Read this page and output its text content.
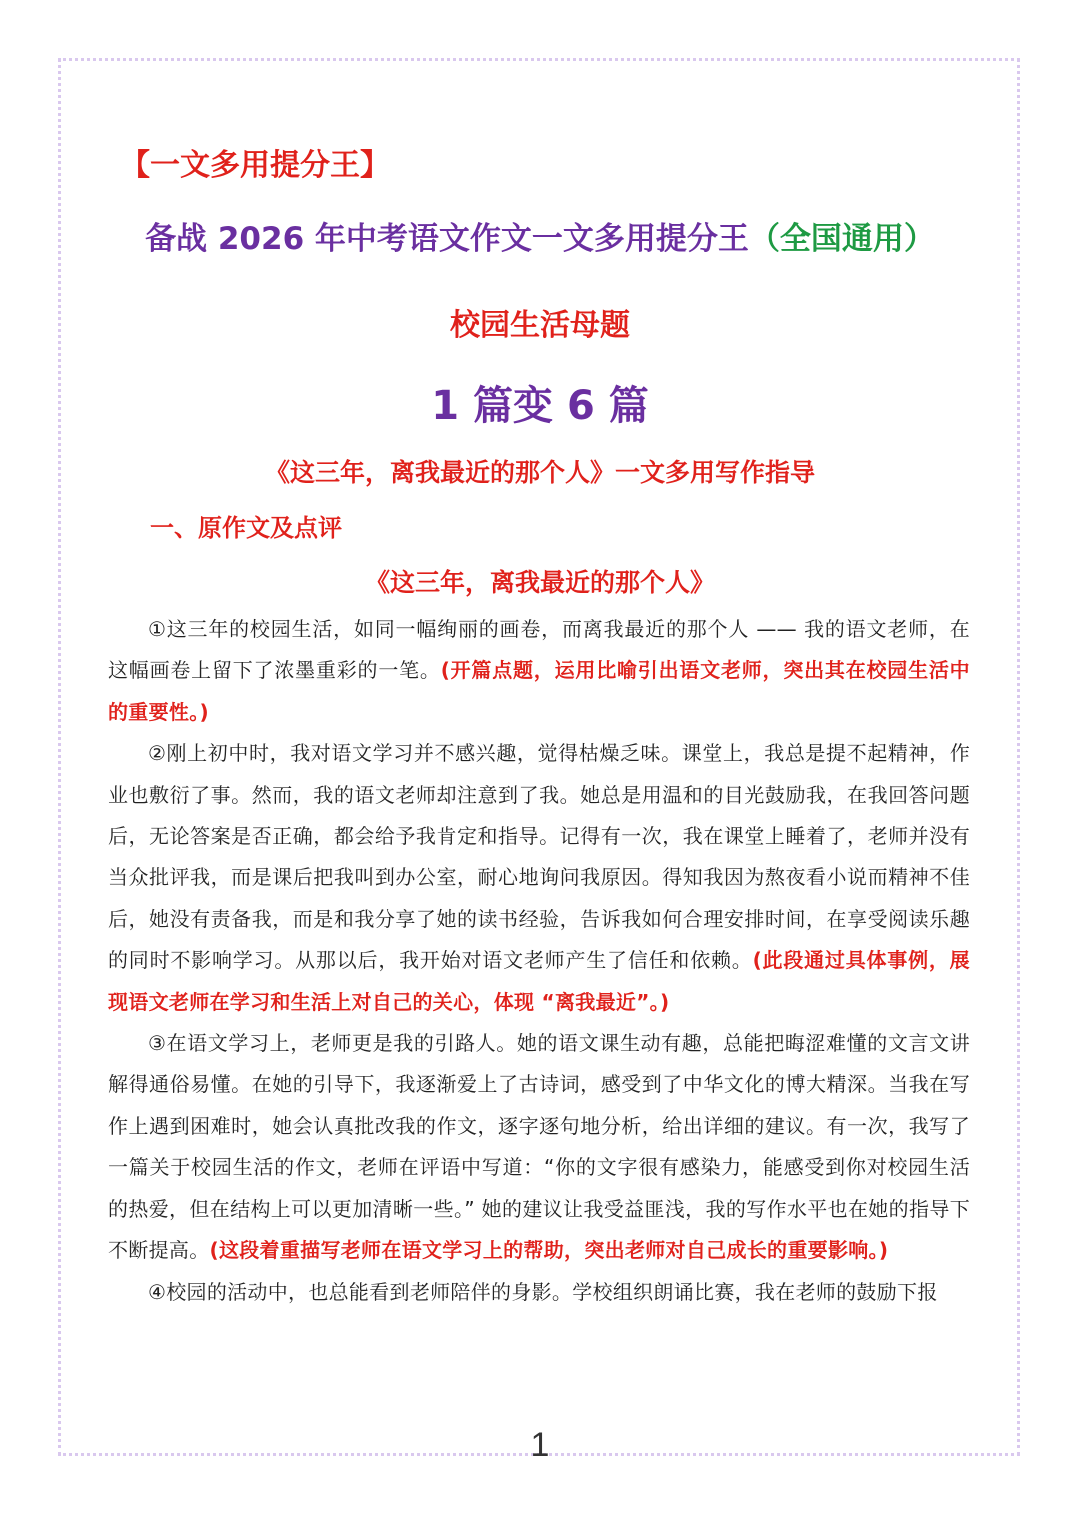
【一文多用提分王】
备战 2026 年中考语文作文一文多用提分王（全国通用）
校园生活母题
1 篇变 6 篇
《这三年，离我最近的那个人》一文多用写作指导
一、原作文及点评
《这三年，离我最近的那个人》

①这三年的校园生活，如同一幅绚丽的画卷，而离我最近的那个人 —— 我的语文老师，在这幅画卷上留下了浓墨重彩的一笔。(开篇点题，运用比喻引出语文老师，突出其在校园生活中的重要性。)

②刚上初中时，我对语文学习并不感兴趣，觉得枯燥乏味。课堂上，我总是提不起精神，作业也敷衍了事。然而，我的语文老师却注意到了我。她总是用温和的目光鼓励我，在我回答问题后，无论答案是否正确，都会给予我肯定和指导。记得有一次，我在课堂上睡着了，老师并没有当众批评我，而是课后把我叫到办公室，耐心地询问我原因。得知我因为熬夜看小说而精神不佳后，她没有责备我，而是和我分享了她的读书经验，告诉我如何合理安排时间，在享受阅读乐趣的同时不影响学习。从那以后，我开始对语文老师产生了信任和依赖。(此段通过具体事例，展现语文老师在学习和生活上对自己的关心，体现 “离我最近”。)

③在语文学习上，老师更是我的引路人。她的语文课生动有趣，总能把晦涩难懂的文言文讲解得通俗易懂。在她的引导下，我逐渐爱上了古诗词，感受到了中华文化的博大精深。当我在写作上遇到困难时，她会认真批改我的作文，逐字逐句地分析，给出详细的建议。有一次，我写了一篇关于校园生活的作文，老师在评语中写道：“你的文字很有感染力，能感受到你对校园生活的热爱，但在结构上可以更加清晰一些。” 她的建议让我受益匪浅，我的写作水平也在她的指导下不断提高。(这段着重描写老师在语文学习上的帮助，突出老师对自己成长的重要影响。)

④校园的活动中，也总能看到老师陪伴的身影。学校组织朗诵比赛，我在老师的鼓励下报

1
